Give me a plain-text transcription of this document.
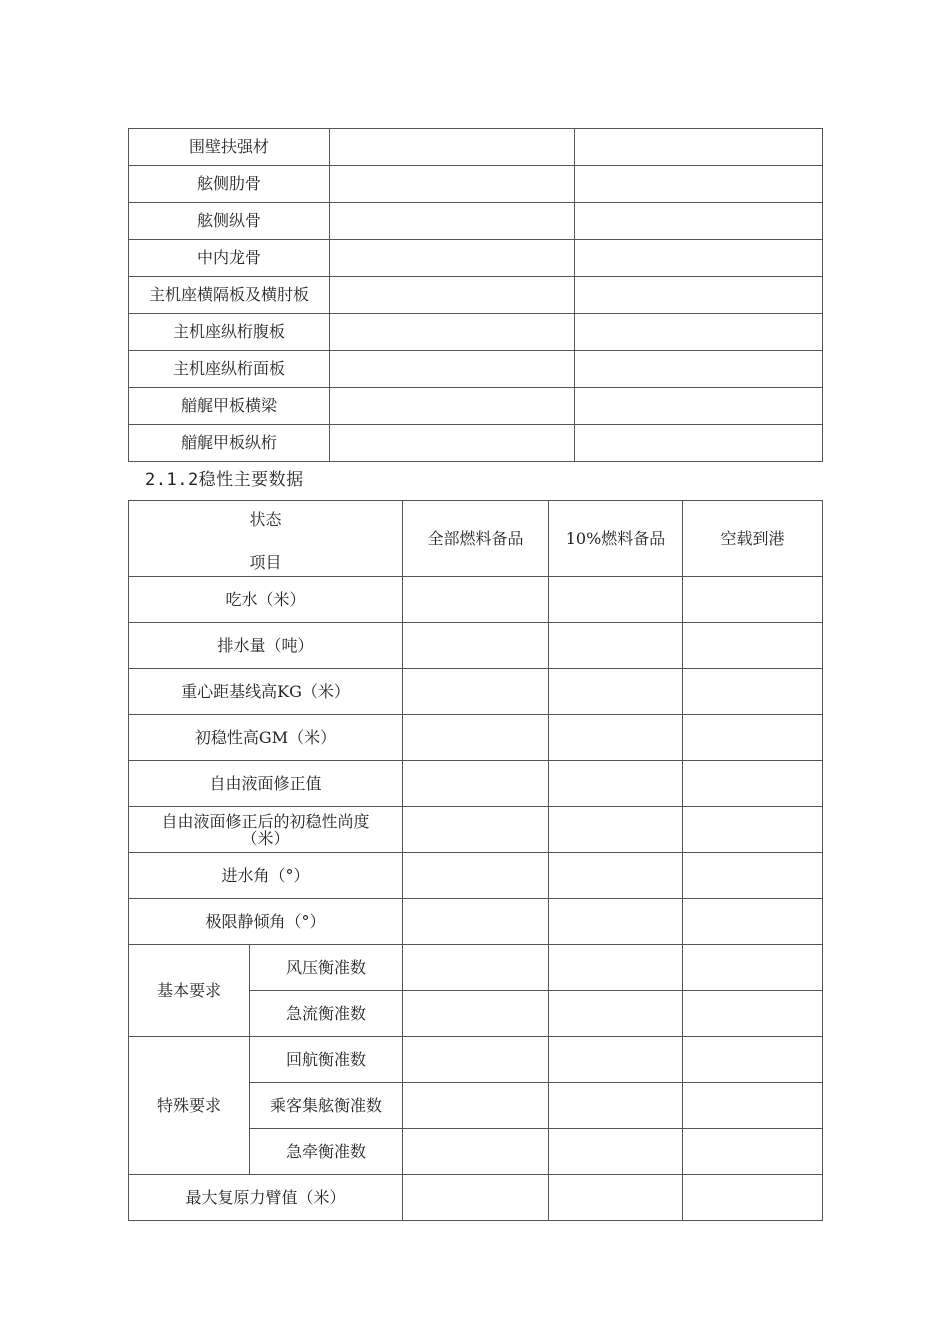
围壁扶强材		
舷侧肋骨		
舷侧纵骨		
中内龙骨		
主机座横隔板及横肘板		
主机座纵桁腹板		
主机座纵桁面板		
艏艉甲板横梁		
艏艉甲板纵桁		
2.1.2稳性主要数据
状态
项目		全部燃料备品	10%燃料备品	空载到港
吃水（米）				
排水量（吨）				
重心距基线高KG（米）				
初稳性高GM（米）				
自由液面修正值				
自由液面修正后的初稳性尚度
（米）				
进水角（°）				
极限静倾角（°）				
基本要求	风压衡准数			
	急流衡准数			
特殊要求	回航衡准数			
	乘客集舷衡准数			
	急牵衡准数			
最大复原力臂值（米）				
